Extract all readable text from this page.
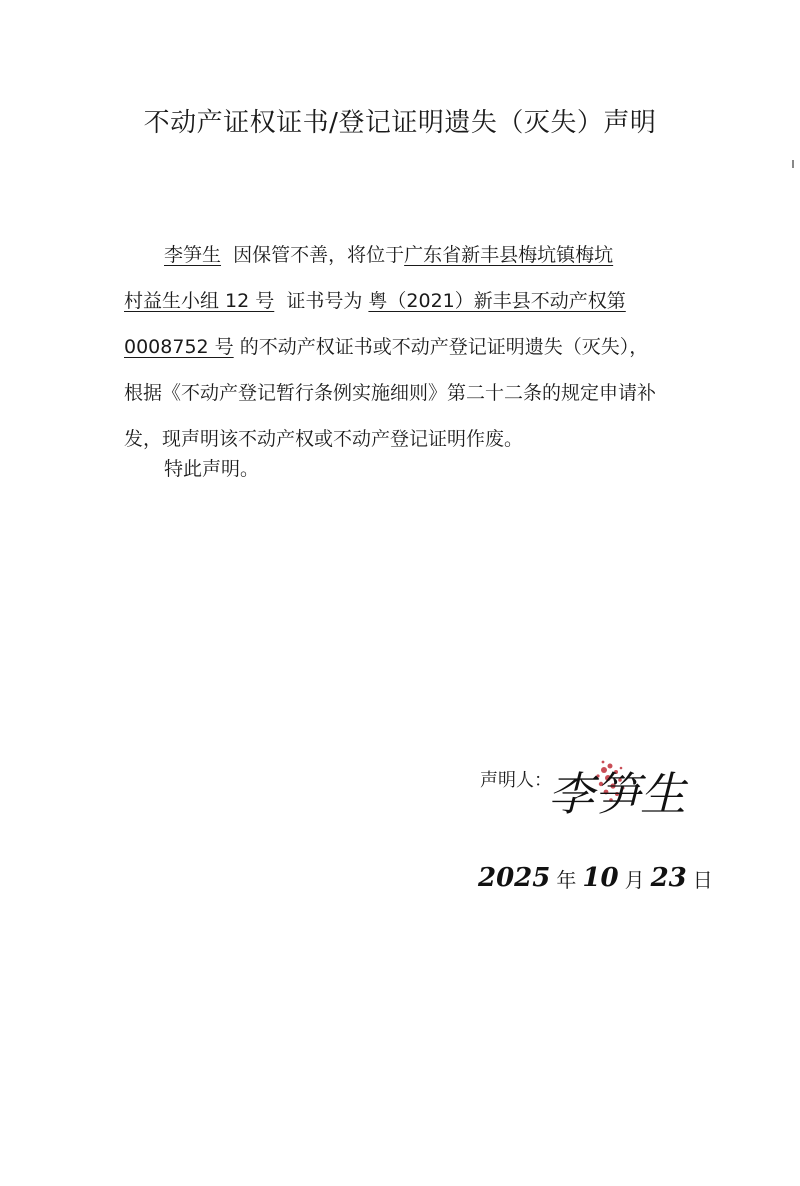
不动产证权证书/登记证明遗失（灭失）声明
李笋生 因保管不善，将位于广东省新丰县梅坑镇梅坑
村益生小组 12 号 证书号为 粤（2021）新丰县不动产权第
0008752 号 的不动产权证书或不动产登记证明遗失（灭失），
根据《不动产登记暂行条例实施细则》第二十二条的规定申请补
发，现声明该不动产权或不动产登记证明作废。

特此声明。

声明人：
李笋生
2025 年 10 月 23 日
